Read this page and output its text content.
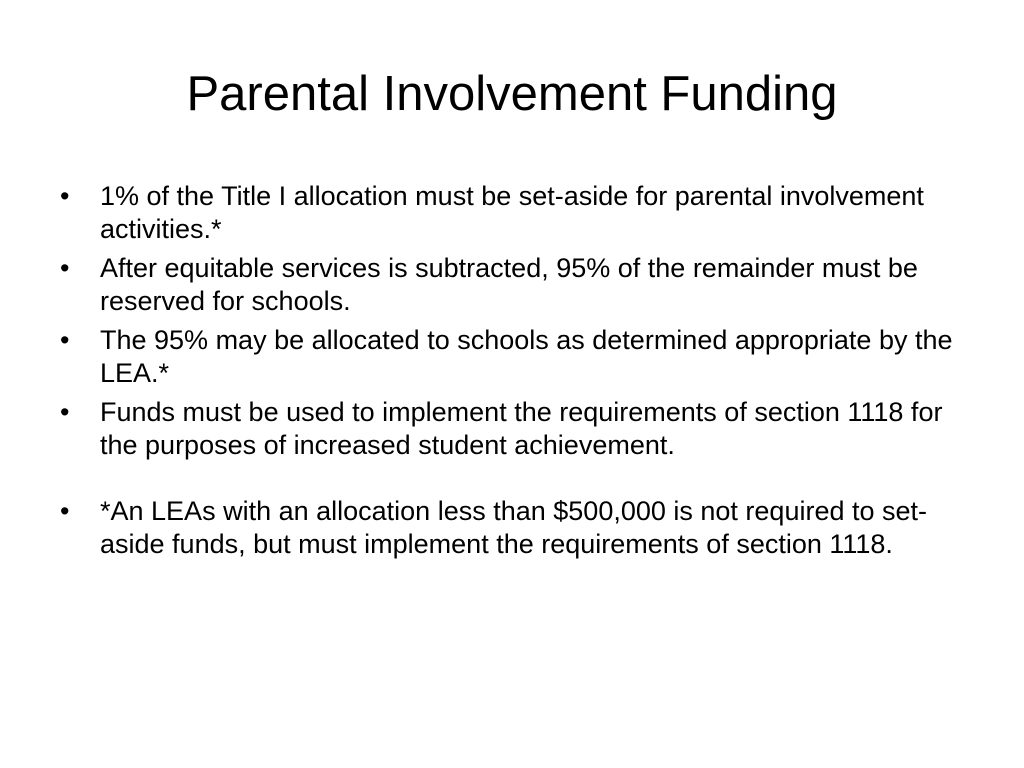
Parental Involvement Funding
•	1% of the Title I allocation must be set-aside for parental involvement activities.*
•	After equitable services is subtracted, 95% of the remainder must be reserved for schools.
•	The 95% may be allocated to schools as determined appropriate by the LEA.*
•	Funds must be used to implement the requirements of section 1118 for the purposes of increased student achievement.
•	*An LEAs with an allocation less than $500,000 is not required to set-aside funds, but must implement the requirements of section 1118.
